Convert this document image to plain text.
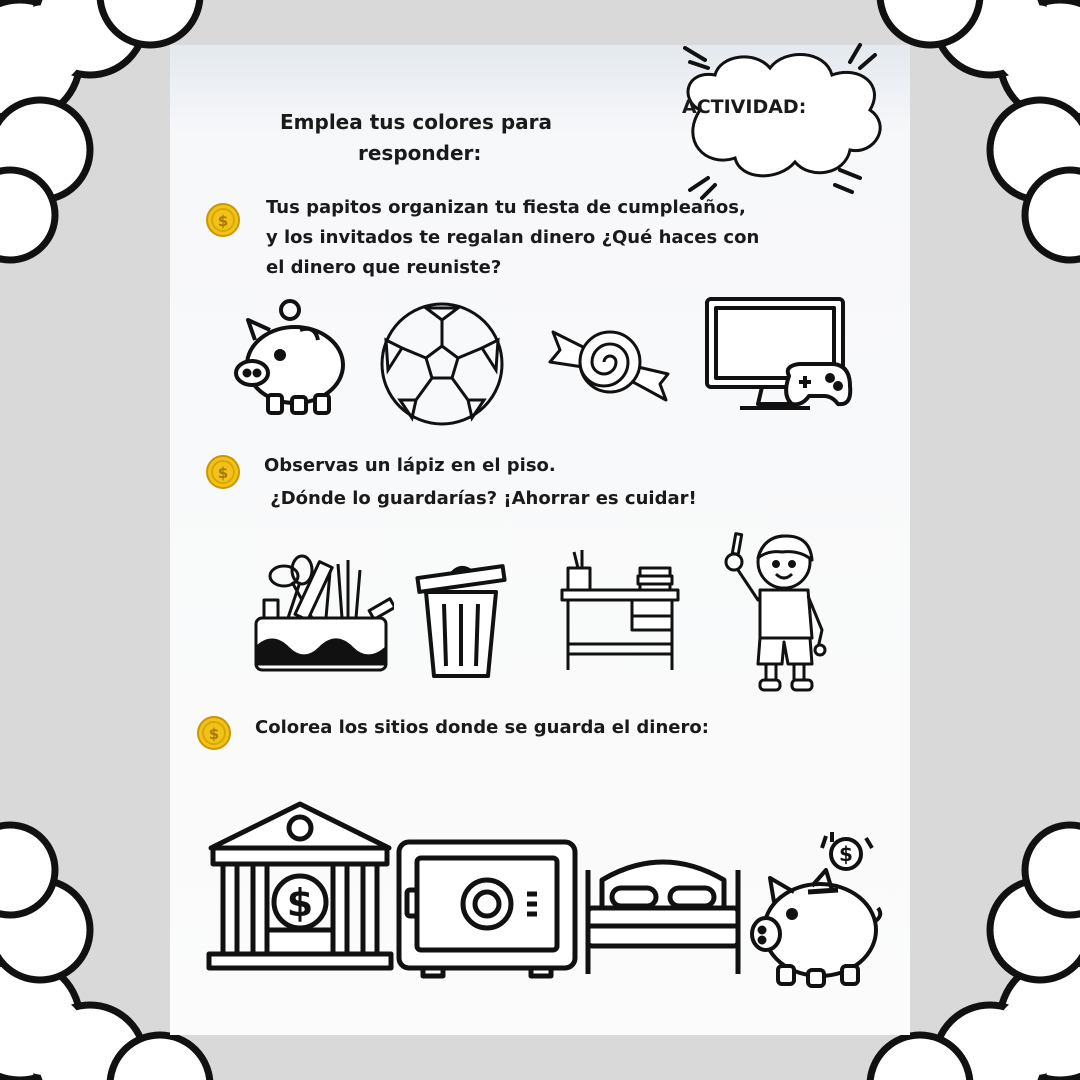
ACTIVIDAD:

Emplea tus colores para

responder:

$
$
$

Tus papitos organizan tu fiesta de cumpleaños,

y los invitados te regalan dinero ¿Qué haces con

el dinero que reuniste?

Observas un lápiz en el piso.

¿Dónde lo guardarías? ¡Ahorrar es cuidar!

Colorea los sitios donde se guarda el dinero:

$
$
